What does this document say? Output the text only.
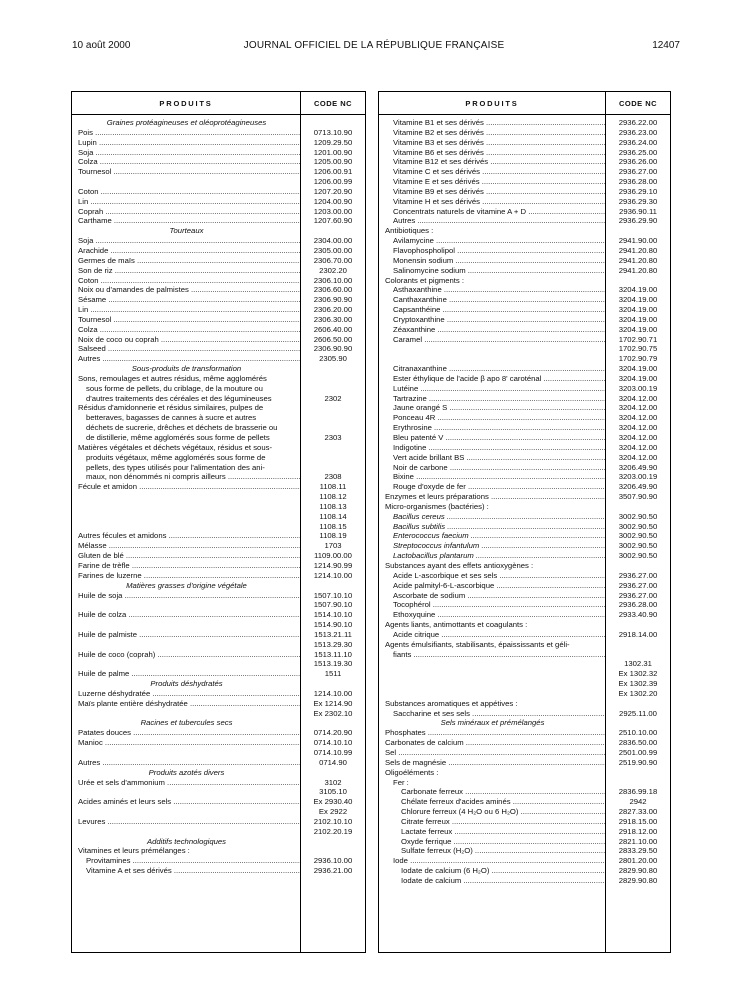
10 août 2000	JOURNAL OFFICIEL DE LA RÉPUBLIQUE FRANÇAISE	12407
PRODUITS	CODE NC
Graines protéagineuses et oléoprotéagineuses
Pois .....	0713.10.90
Lupin .....	1209.29.50
Soja .....	1201.00.90
Colza .....	1205.00.90
Tournesol .....	1206.00.91
1206.00.99
Coton .....	1207.20.90
Lin .....	1204.00.90
Coprah .....	1203.00.00
Carthame .....	1207.60.90
Tourteaux
Soja .....	2304.00.00
Arachide .....	2305.00.00
Germes de maïs .....	2306.70.00
Son de riz .....	2302.20
Coton .....	2306.10.00
Noix ou d'amandes de palmistes .....	2306.60.00
Sésame .....	2306.90.90
Lin .....	2306.20.00
Tournesol .....	2306.30.00
Colza .....	2606.40.00
Noix de coco ou coprah .....	2606.50.00
Salseed .....	2306.90.90
Autres .....	2305.90
Sous-produits de transformation
Sons, remoulages et autres résidus, même agglomérés
sous forme de pellets, du criblage, de la mouture ou
d'autres traitements des céréales et des légumineuses	2302
Résidus d'amidonnerie et résidus similaires, pulpes de
betteraves, bagasses de cannes à sucre et autres
déchets de sucrerie, drêches et déchets de brasserie ou
de distillerie, même agglomérés sous forme de pellets	2303
Matières végétales et déchets végétaux, résidus et sous-
produits végétaux, même agglomérés sous forme de
pellets, des types utilisés pour l'alimentation des ani-
maux, non dénommés ni compris ailleurs .....	2308
Fécule et amidon .....	1108.11
1108.12
1108.13
1108.14
1108.15
Autres fécules et amidons .....	1108.19
Mélasse .....	1703
Gluten de blé .....	1109.00.00
Farine de trèfle .....	1214.90.99
Farines de luzerne .....	1214.10.00
Matières grasses d'origine végétale
Huile de soja .....	1507.10.10
1507.90.10
Huile de colza .....	1514.10.10
1514.90.10
Huile de palmiste .....	1513.21.11
1513.29.30
Huile de coco (coprah) .....	1513.11.10
1513.19.30
Huile de palme .....	1511
Produits déshydratés
Luzerne déshydratée .....	1214.10.00
Maïs plante entière déshydratée .....	Ex 1214.90
Ex 2302.10
Racines et tubercules secs
Patates douces .....	0714.20.90
Manioc .....	0714.10.10
0714.10.99
Autres .....	0714.90
Produits azotés divers
Urée et sels d'ammonium .....	3102
3105.10
Acides aminés et leurs sels .....	Ex 2930.40
Ex 2922
Levures .....	2102.10.10
2102.20.19
Additifs technologiques
Vitamines et leurs prémélanges :
Provitamines .....	2936.10.00
Vitamine A et ses dérivés .....	2936.21.00
PRODUITS	CODE NC
Vitamine B1 et ses dérivés .....	2936.22.00
Vitamine B2 et ses dérivés .....	2936.23.00
Vitamine B3 et ses dérivés .....	2936.24.00
Vitamine B6 et ses dérivés .....	2936.25.00
Vitamine B12 et ses dérivés .....	2936.26.00
Vitamine C et ses dérivés .....	2936.27.00
Vitamine E et ses dérivés .....	2936.28.00
Vitamine B9 et ses dérivés .....	2936.29.10
Vitamine H et ses dérivés .....	2936.29.30
Concentrats naturels de vitamine A + D .....	2936.90.11
Autres .....	2936.29.90
Antibiotiques :
Avilamycine .....	2941.90.00
Flavophospholipol .....	2941.20.80
Monensin sodium .....	2941.20.80
Salinomycine sodium .....	2941.20.80
Colorants et pigments :
Asthaxanthine .....	3204.19.00
Canthaxanthine .....	3204.19.00
Capsanthéine .....	3204.19.00
Cryptoxanthine .....	3204.19.00
Zéaxanthine .....	3204.19.00
Caramel .....	1702.90.71
1702.90.75
1702.90.79
Citranaxanthine .....	3204.19.00
Ester éthylique de l'acide β apo 8' caroténal .....	3204.19.00
Lutéine .....	3203.00.19
Tartrazine .....	3204.12.00
Jaune orangé S .....	3204.12.00
Ponceau 4R .....	3204.12.00
Erythrosine .....	3204.12.00
Bleu patenté V .....	3204.12.00
Indigotine .....	3204.12.00
Vert acide brillant BS .....	3204.12.00
Noir de carbone .....	3206.49.90
Bixine .....	3203.00.19
Rouge d'oxyde de fer .....	3206.49.90
Enzymes et leurs préparations .....	3507.90.90
Micro-organismes (bactéries) :
Bacillus cereus .....	3002.90.50
Bacillus subtilis .....	3002.90.50
Enterococcus faecium .....	3002.90.50
Streptococcus infantulum .....	3002.90.50
Lactobacillus plantarum .....	3002.90.50
Substances ayant des effets antioxygènes :
Acide L-ascorbique et ses sels .....	2936.27.00
Acide palmityl-6-L-ascorbique .....	2936.27.00
Ascorbate de sodium .....	2936.27.00
Tocophérol .....	2936.28.00
Ethoxyquine .....	2933.40.90
Agents liants, antimottants et coagulants :
Acide citrique .....	2918.14.00
Agents émulsifiants, stabilisants, épaississants et géli-
fiants .....
1302.31
Ex 1302.32
Ex 1302.39
Ex 1302.20
Substances aromatiques et appétives :
Saccharine et ses sels .....	2925.11.00
Sels minéraux et prémélangés
Phosphates .....	2510.10.00
Carbonates de calcium .....	2836.50.00
Sel .....	2501.00.99
Sels de magnésie .....	2519.90.90
Oligoéléments :
Fer :
Carbonate ferreux .....	2836.99.18
Chélate ferreux d'acides aminés .....	2942
Chlorure ferreux (4 H₂O ou 6 H₂O) .....	2827.33.00
Citrate ferreux .....	2918.15.00
Lactate ferreux .....	2918.12.00
Oxyde ferrique .....	2821.10.00
Sulfate ferreux (H₂O) .....	2833.29.50
Iode .....	2801.20.00
Iodate de calcium (6 H₂O) .....	2829.90.80
Iodate de calcium .....	2829.90.80
